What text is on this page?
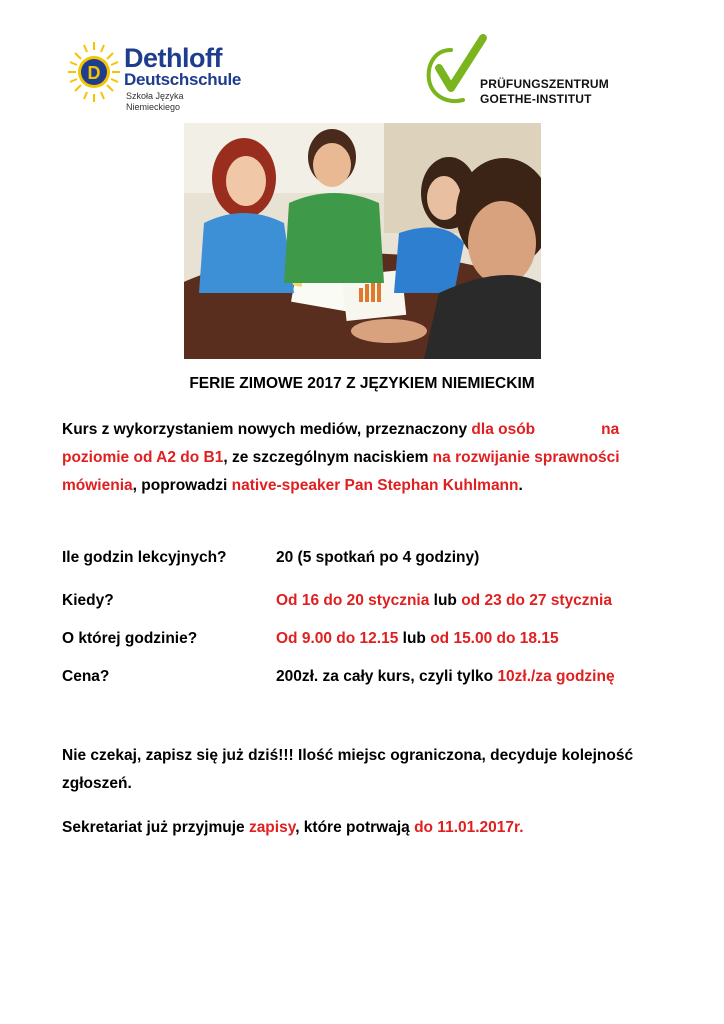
D Dethloff
Deutschschule
Szkoła Języka Niemieckiego
PRÜFUNGSZENTRUM
GOETHE-INSTITUT
FERIE ZIMOWE 2017 Z JĘZYKIEM NIEMIECKIM
Kurs z wykorzystaniem nowych mediów, przeznaczony dla osób	na poziomie od A2 do B1, ze szczególnym naciskiem na rozwijanie sprawności mówienia, poprowadzi native-speaker Pan Stephan Kuhlmann.
Ile godzin lekcyjnych?	20 (5 spotkań po 4 godziny)
Kiedy?	Od 16 do 20 stycznia lub od 23 do 27 stycznia
O której godzinie?	Od 9.00 do 12.15 lub od 15.00 do 18.15
Cena?	200zł. za cały kurs, czyli tylko 10zł./za godzinę
Nie czekaj, zapisz się już dziś!!! Ilość miejsc ograniczona, decyduje kolejność zgłoszeń.
Sekretariat już przyjmuje zapisy, które potrwają do 11.01.2017r.
